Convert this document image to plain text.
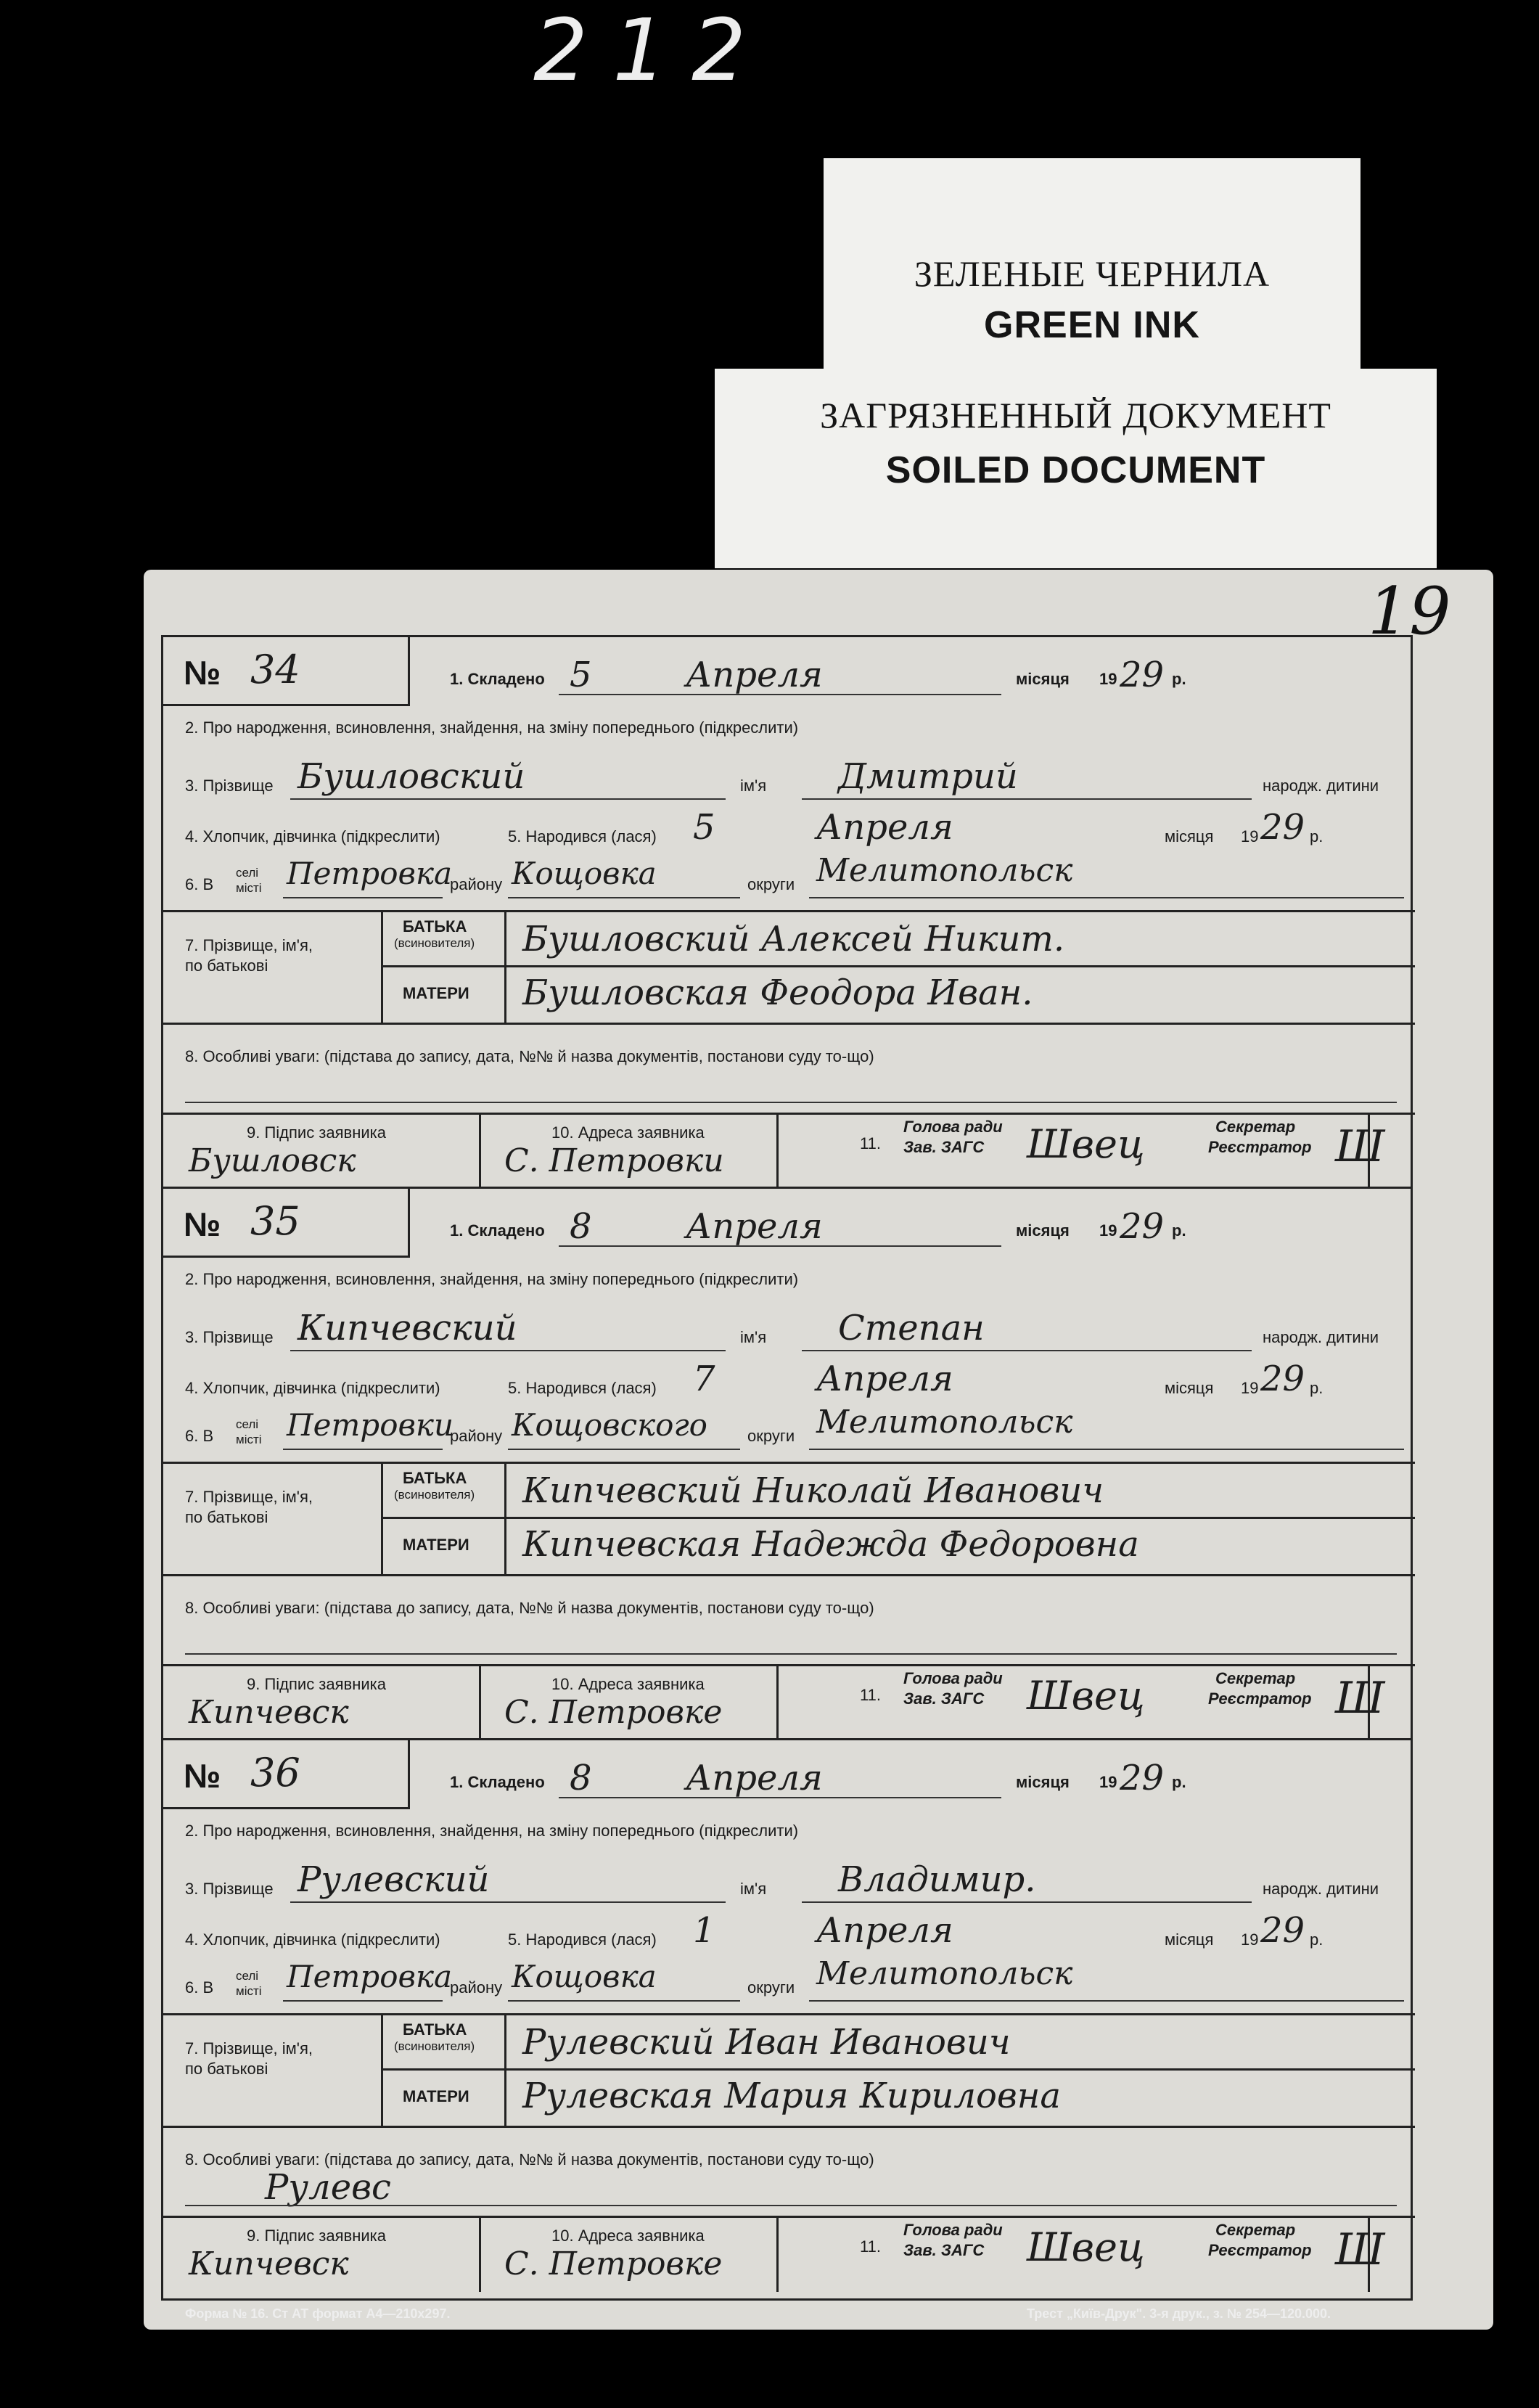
212
ЗЕЛЕНЫЕ ЧЕРНИЛА
GREEN INK
ЗАГРЯЗНЕННЫЙ ДОКУМЕНТ
SOILED DOCUMENT
19
№ 34	1. Складено 5	Апреля	місяця 19 29 р.
2. Про народження, всиновлення, знайдення, на зміну попереднього (підкреслити)
3. Прізвище Бушловский	ім'я Дмитрий	народж. дитини
4. Хлопчик, дівчинка (підкреслити)	5. Народився (лася) 5	Апреля	місяця 19 29 р.
6. В
селі
місті Петровка
району Кощовка	округи Мелитопольск
7. Прізвище, ім'я,
по батькові
БАТЬКА
(всиновителя) Бушловский Алексей Никит.
МАТЕРИ Бушловская Феодора Иван.
8. Особливі уваги: (підстава до запису, дата, №№ й назва документів, постанови суду то-що)
9. Підпис заявника
Бушловск
10. Адреса заявника
С. Петровки	11.
Голова ради
Зав. ЗАГС Швец	Секретар
Реєстратор Ш
№ 35	1. Складено 8	Апреля	місяця 19 29 р.
2. Про народження, всиновлення, знайдення, на зміну попереднього (підкреслити)
3. Прізвище Кипчевский	ім'я Степан	народж. дитини
4. Хлопчик, дівчинка (підкреслити)	5. Народився (лася) 7	Апреля	місяця 19 29 р.
6. В
селі
місті Петровки
району Кощовского	округи Мелитопольск
7. Прізвище, ім'я,
по батькові
БАТЬКА
(всиновителя) Кипчевский Николай Иванович
МАТЕРИ Кипчевская Надежда Федоровна
8. Особливі уваги: (підстава до запису, дата, №№ й назва документів, постанови суду то-що)
9. Підпис заявника
Кипчевск
10. Адреса заявника
С. Петровке	11.
Голова ради
Зав. ЗАГС Швец	Секретар
Реєстратор Ш
№ 36	1. Складено 8	Апреля	місяця 19 29 р.
2. Про народження, всиновлення, знайдення, на зміну попереднього (підкреслити)
3. Прізвище Рулевский	ім'я Владимир.	народж. дитини
4. Хлопчик, дівчинка (підкреслити)	5. Народився (лася) 1	Апреля	місяця 19 29 р.
6. В
селі
місті Петровка
району Кощовка	округи Мелитопольск
7. Прізвище, ім'я,
по батькові
БАТЬКА
(всиновителя) Рулевский Иван Иванович
МАТЕРИ Рулевская Мария Кириловна
8. Особливі уваги: (підстава до запису, дата, №№ й назва документів, постанови суду то-що)
Рулевс
9. Підпис заявника
Кипчевск
10. Адреса заявника
С. Петровке	11.
Голова ради
Зав. ЗАГС Швец	Секретар
Реєстратор Ш
Форма № 16. Ст АТ формат А4—210x297.	Трест „Київ-Друк". 3-я друк., з. № 254—120.000.
